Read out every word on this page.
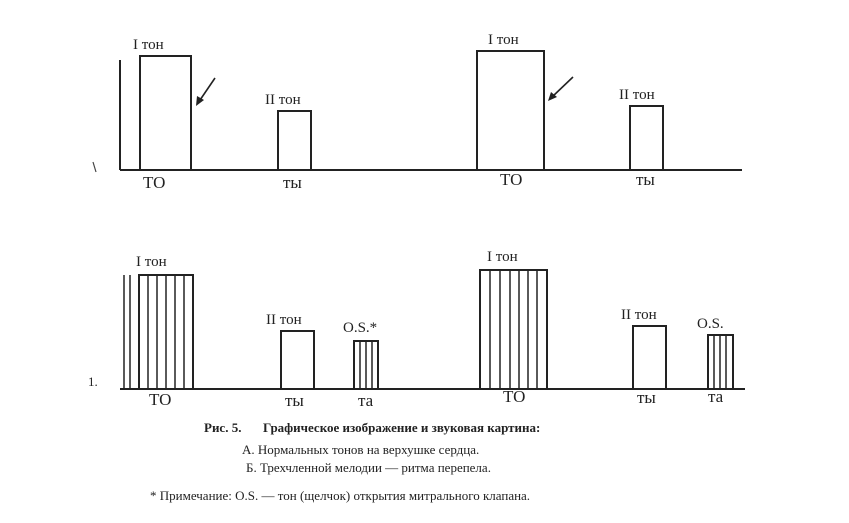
1.
I тон
II тон
I тон
II тон
ТО	ты	ТО	ты
I тон
II тон	O.S.*
I тон
II тон
O.S.
ТО	ты	та	ТО	ты	та
Рис. 5. Графическое изображение и звуковая картина:
А. Нормальных тонов на верхушке сердца.
Б. Трехчленной мелодии — ритма перепела.
* Примечание: O.S. — тон (щелчок) открытия митрального клапана.
